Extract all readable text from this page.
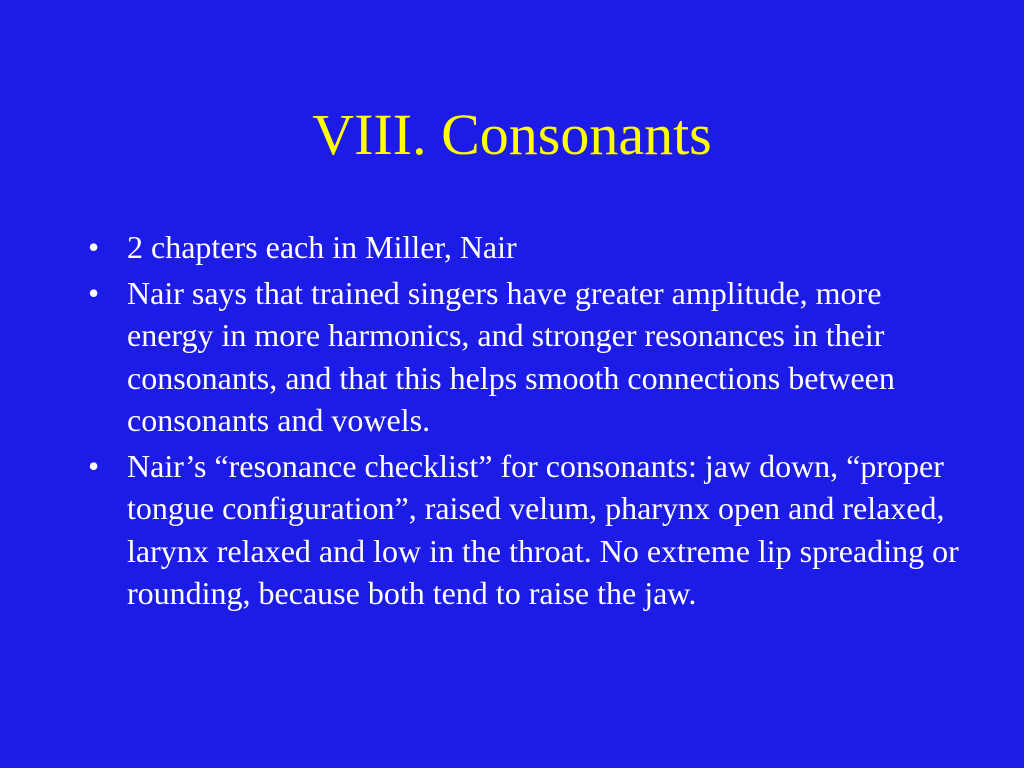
VIII. Consonants
• 2 chapters each in Miller, Nair
• Nair says that trained singers have greater amplitude, more energy in more harmonics, and stronger resonances in their consonants, and that this helps smooth connections between consonants and vowels.
• Nair’s “resonance checklist” for consonants: jaw down, “proper tongue configuration”, raised velum, pharynx open and relaxed, larynx relaxed and low in the throat. No extreme lip spreading or rounding, because both tend to raise the jaw.
